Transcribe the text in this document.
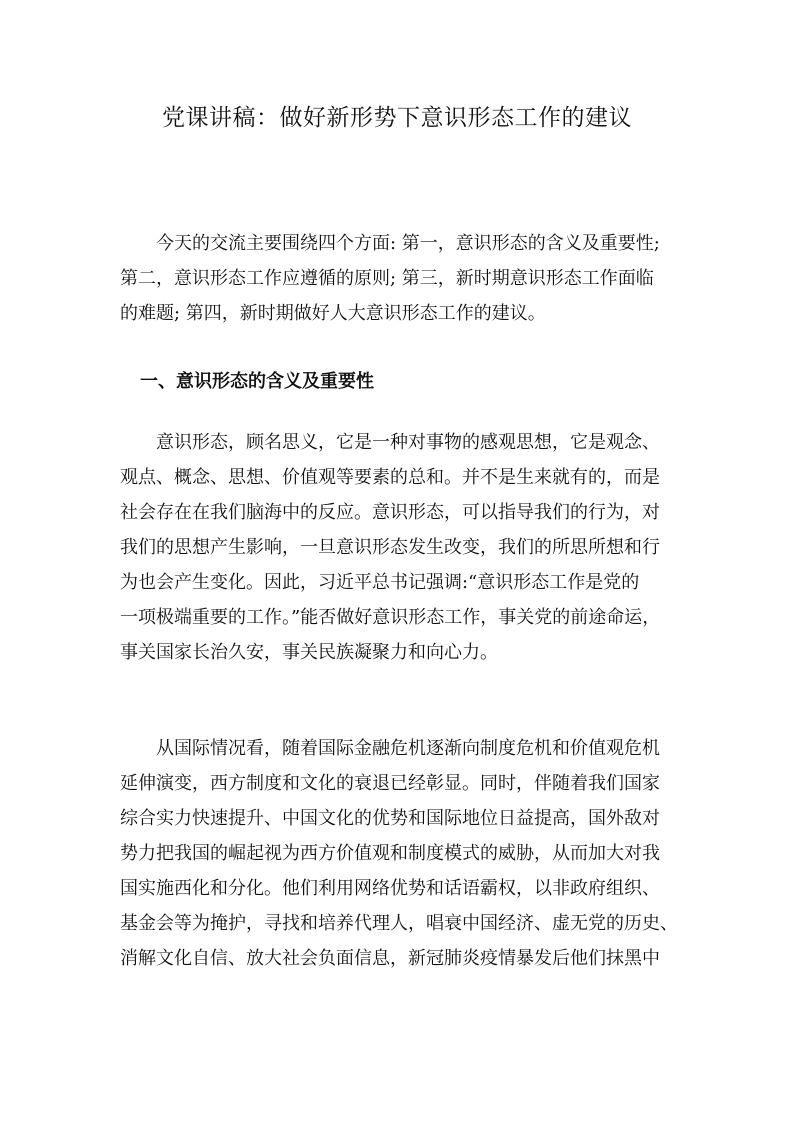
党课讲稿：做好新形势下意识形态工作的建议
　　今天的交流主要围绕四个方面: 第一，意识形态的含义及重要性;
第二，意识形态工作应遵循的原则; 第三，新时期意识形态工作面临
的难题; 第四，新时期做好人大意识形态工作的建议。
一、意识形态的含义及重要性
　　意识形态，顾名思义，它是一种对事物的感观思想，它是观念、
观点、概念、思想、价值观等要素的总和。并不是生来就有的，而是
社会存在在我们脑海中的反应。意识形态，可以指导我们的行为，对
我们的思想产生影响，一旦意识形态发生改变，我们的所思所想和行
为也会产生变化。因此，习近平总书记强调:“意识形态工作是党的
一项极端重要的工作。”能否做好意识形态工作，事关党的前途命运，
事关国家长治久安，事关民族凝聚力和向心力。
　　从国际情况看，随着国际金融危机逐渐向制度危机和价值观危机
延伸演变，西方制度和文化的衰退已经彰显。同时，伴随着我们国家
综合实力快速提升、中国文化的优势和国际地位日益提高，国外敌对
势力把我国的崛起视为西方价值观和制度模式的威胁，从而加大对我
国实施西化和分化。他们利用网络优势和话语霸权，以非政府组织、
基金会等为掩护，寻找和培养代理人，唱衰中国经济、虚无党的历史、
消解文化自信、放大社会负面信息，新冠肺炎疫情暴发后他们抹黑中
